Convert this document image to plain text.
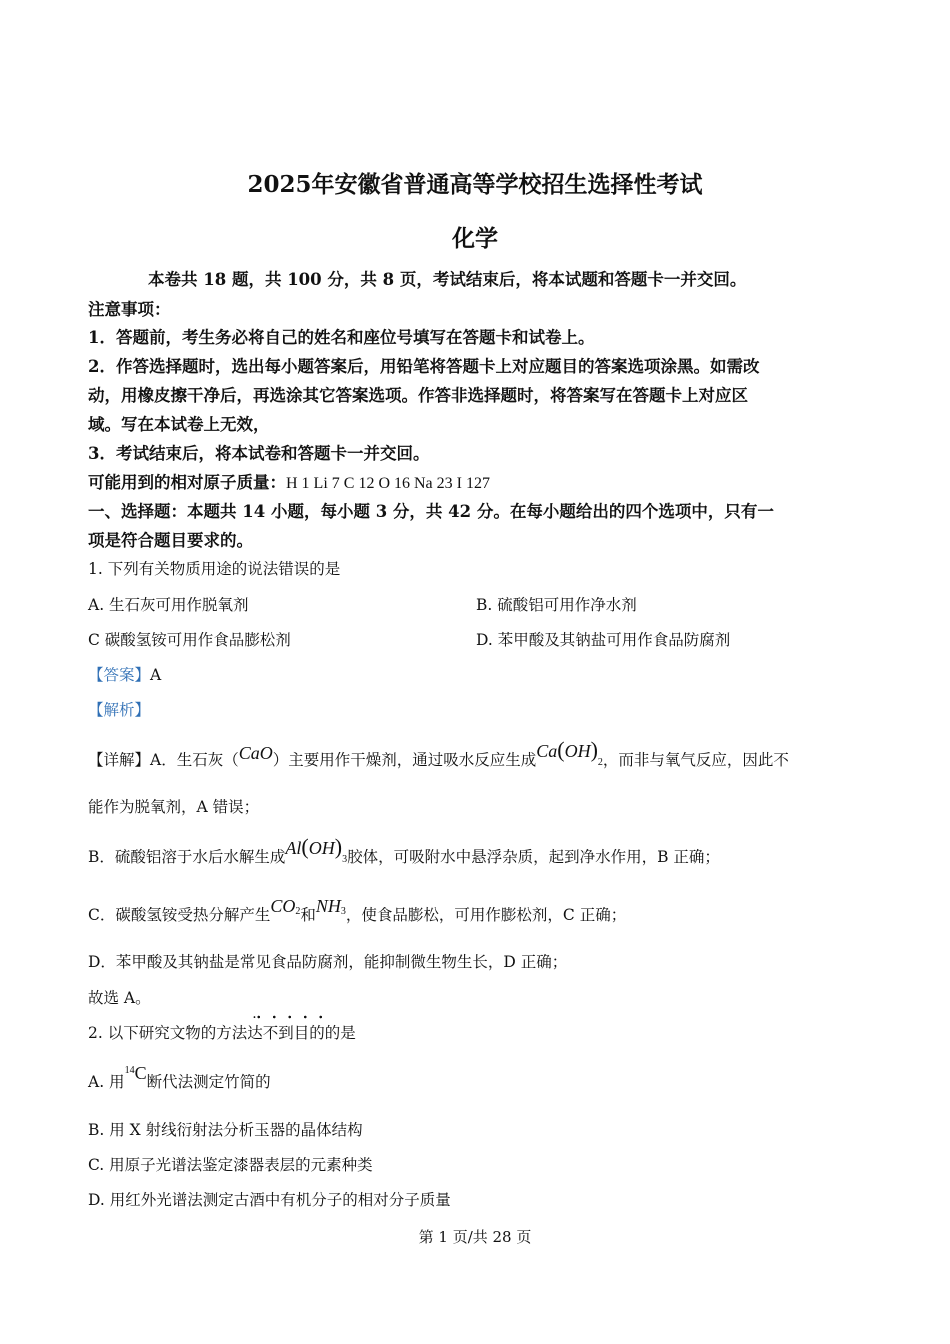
2025年安徽省普通高等学校招生选择性考试
化学
本卷共 18 题，共 100 分，共 8 页，考试结束后，将本试题和答题卡一并交回。
注意事项：
1．答题前，考生务必将自己的姓名和座位号填写在答题卡和试卷上。
2．作答选择题时，选出每小题答案后，用铅笔将答题卡上对应题目的答案选项涂黑。如需改
动，用橡皮擦干净后，再选涂其它答案选项。作答非选择题时，将答案写在答题卡上对应区
域。写在本试卷上无效，
3．考试结束后，将本试卷和答题卡一并交回。
可能用到的相对原子质量：H 1 Li 7 C 12 O 16 Na 23 I 127
一、选择题：本题共 14 小题，每小题 3 分，共 42 分。在每小题给出的四个选项中，只有一
项是符合题目要求的。
1. 下列有关物质用途的说法错误的是
A. 生石灰可用作脱氧剂	B. 硫酸铝可用作净水剂
C 碳酸氢铵可用作食品膨松剂	D. 苯甲酸及其钠盐可用作食品防腐剂
【答案】A
【解析】
【详解】A．生石灰（CaO）主要用作干燥剂，通过吸水反应生成$Ca(OH)_2$，而非与氧气反应，因此不
能作为脱氧剂，A 错误；
B．硫酸铝溶于水后水解生成$Al(OH)_3$胶体，可吸附水中悬浮杂质，起到净水作用，B 正确；
C．碳酸氢铵受热分解产生$CO_2$和$NH_3$，使食品膨松，可用作膨松剂，C 正确；
D．苯甲酸及其钠盐是常见食品防腐剂，能抑制微生物生长，D 正确；
故选 A。
2. 以下研究文物的方法达不到目的的是
A. 用$^{14}$C断代法测定竹简的
B. 用 X 射线衍射法分析玉器的晶体结构
C. 用原子光谱法鉴定漆器表层的元素种类
D. 用红外光谱法测定古酒中有机分子的相对分子质量
第 1 页/共 28 页
